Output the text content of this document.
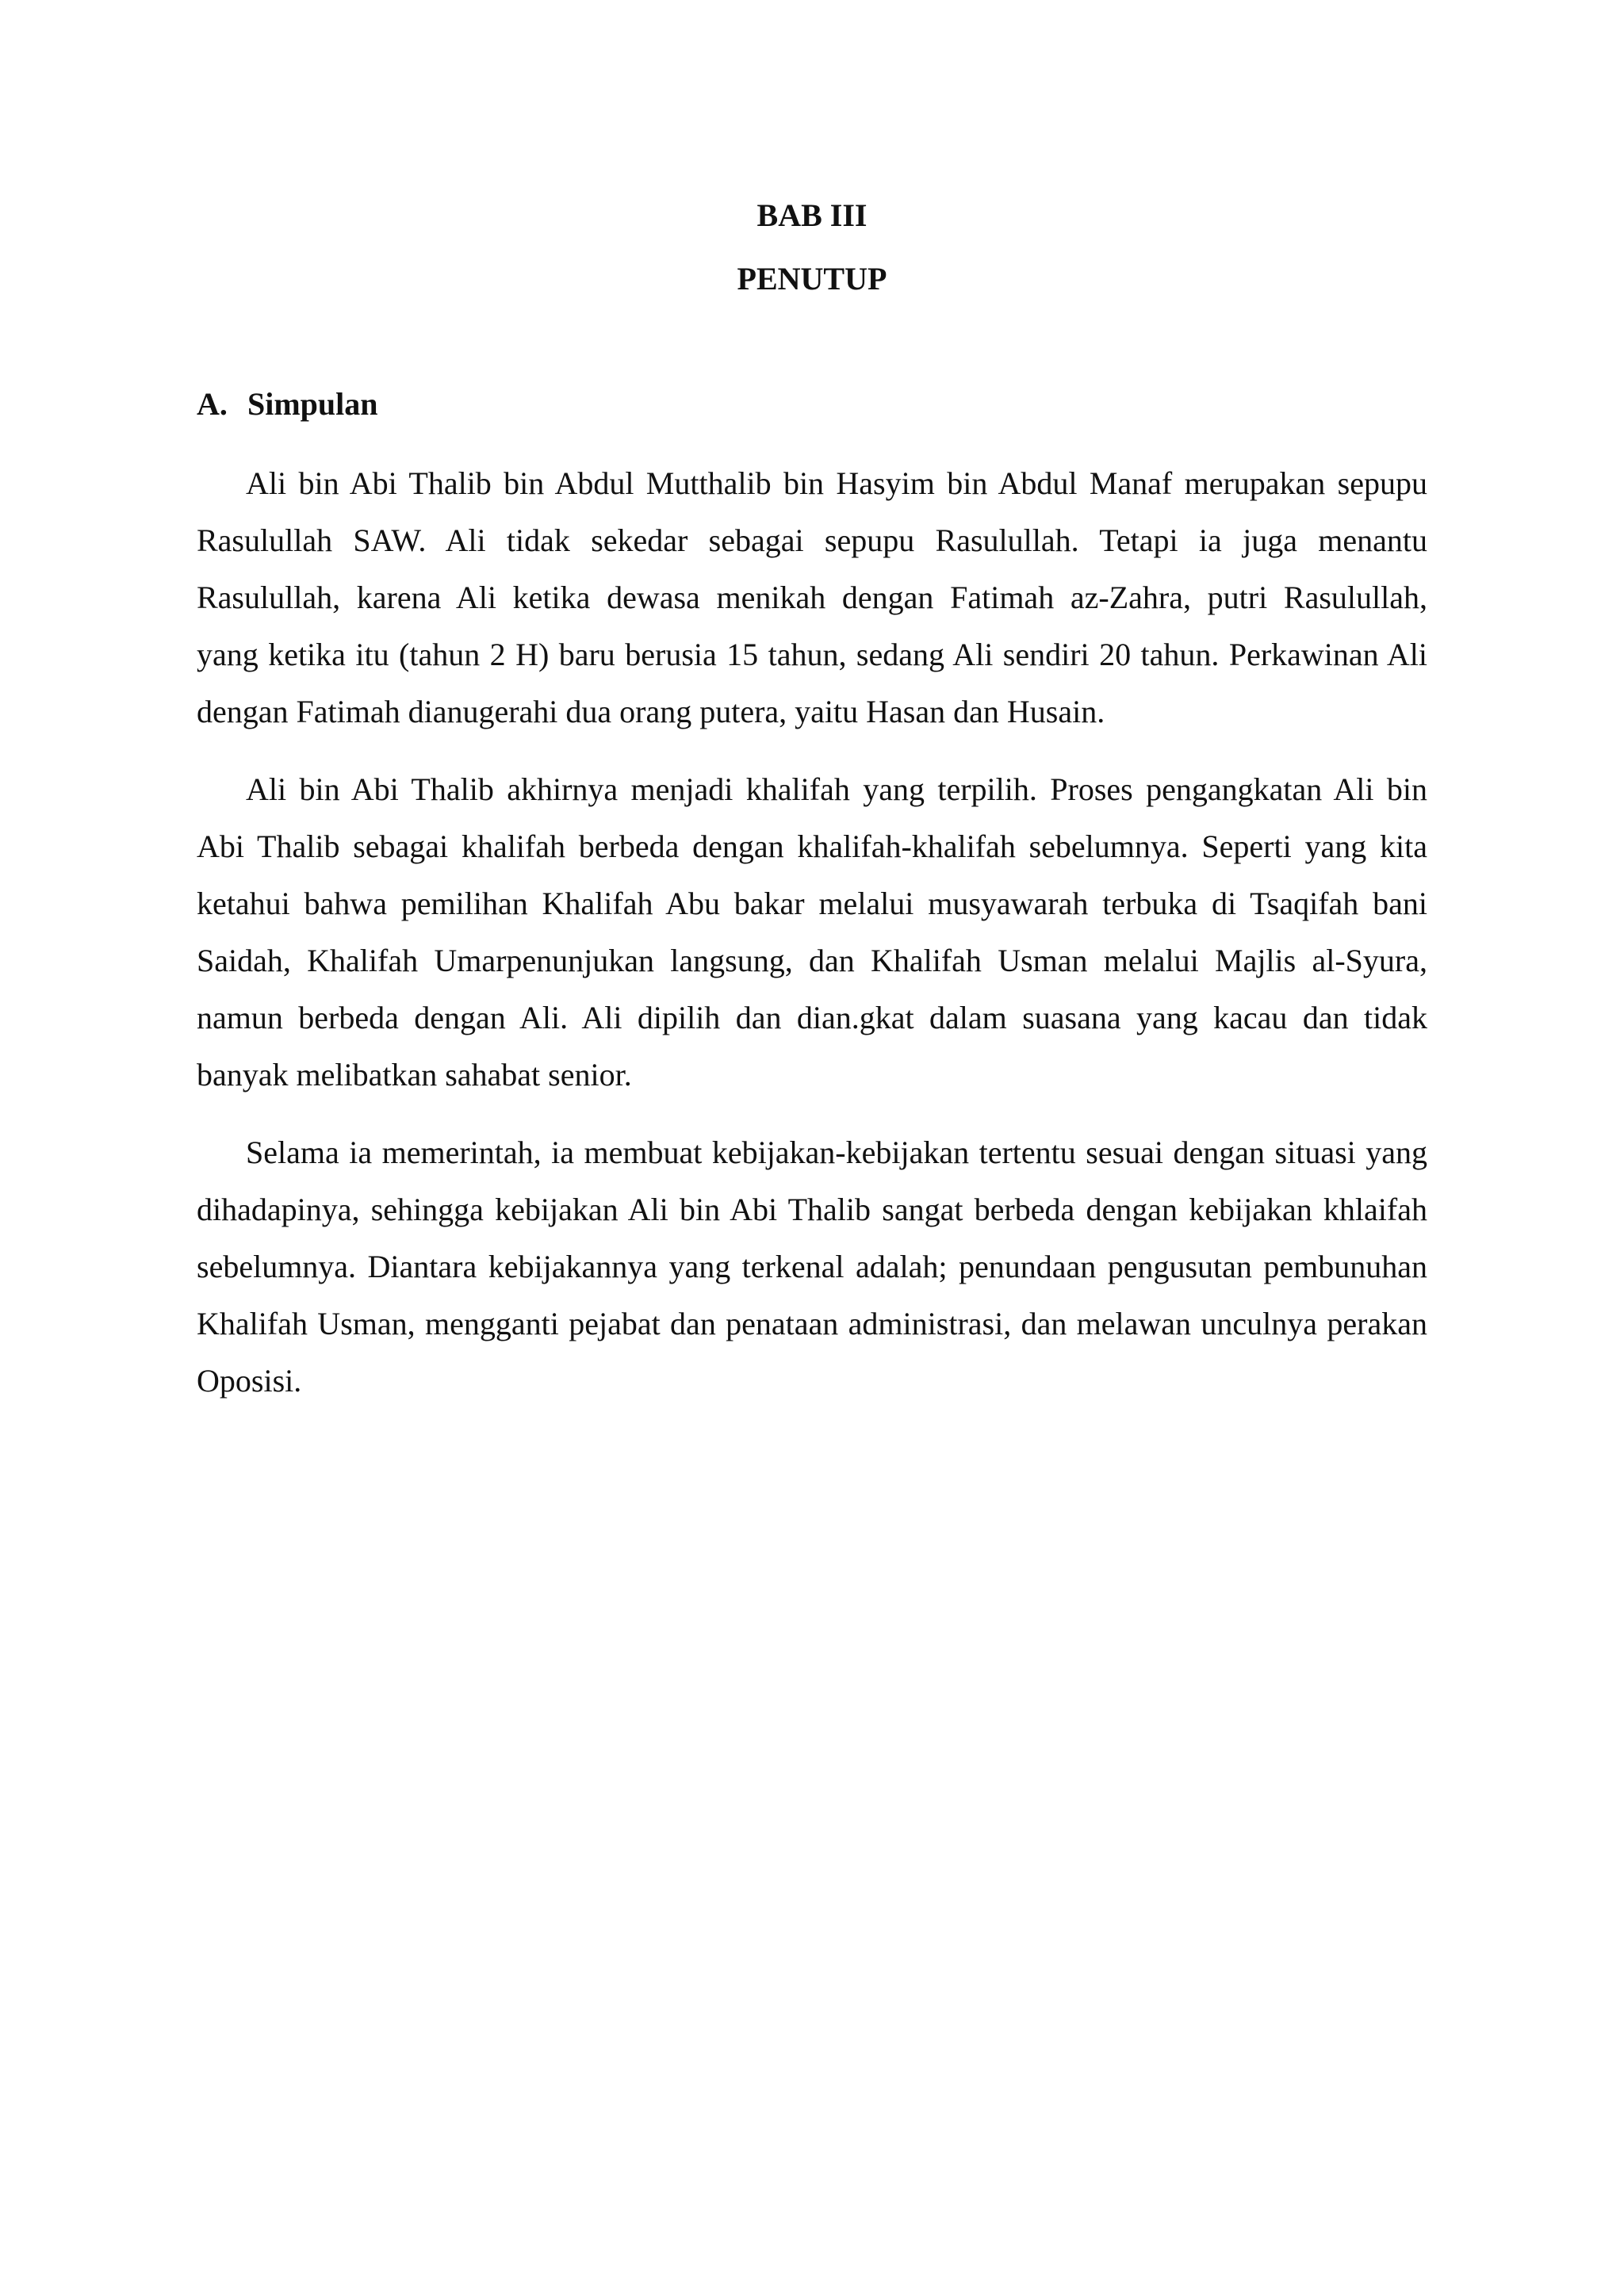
BAB III
PENUTUP
A. Simpulan
Ali bin Abi Thalib bin Abdul Mutthalib bin Hasyim bin Abdul Manaf merupakan sepupu
Rasulullah SAW. Ali tidak sekedar sebagai sepupu Rasulullah. Tetapi ia juga menantu
Rasulullah, karena Ali ketika dewasa menikah dengan Fatimah az-Zahra, putri Rasulullah,
yang ketika itu (tahun 2 H) baru berusia 15 tahun, sedang Ali sendiri 20 tahun. Perkawinan Ali
dengan Fatimah dianugerahi dua orang putera, yaitu Hasan dan Husain.
Ali bin Abi Thalib akhirnya menjadi khalifah yang terpilih. Proses pengangkatan Ali bin
Abi Thalib sebagai khalifah berbeda dengan khalifah-khalifah sebelumnya. Seperti yang kita
ketahui bahwa pemilihan Khalifah Abu bakar melalui musyawarah terbuka di Tsaqifah bani
Saidah, Khalifah Umarpenunjukan langsung, dan Khalifah Usman melalui Majlis al-Syura,
namun berbeda dengan Ali. Ali dipilih dan dian.gkat dalam suasana yang kacau dan tidak
banyak melibatkan sahabat senior.
Selama ia memerintah, ia membuat kebijakan-kebijakan tertentu sesuai dengan situasi yang
dihadapinya, sehingga kebijakan Ali bin Abi Thalib sangat berbeda dengan kebijakan khlaifah
sebelumnya. Diantara kebijakannya yang terkenal adalah; penundaan pengusutan pembunuhan
Khalifah Usman, mengganti pejabat dan penataan administrasi, dan melawan unculnya perakan
Oposisi.
